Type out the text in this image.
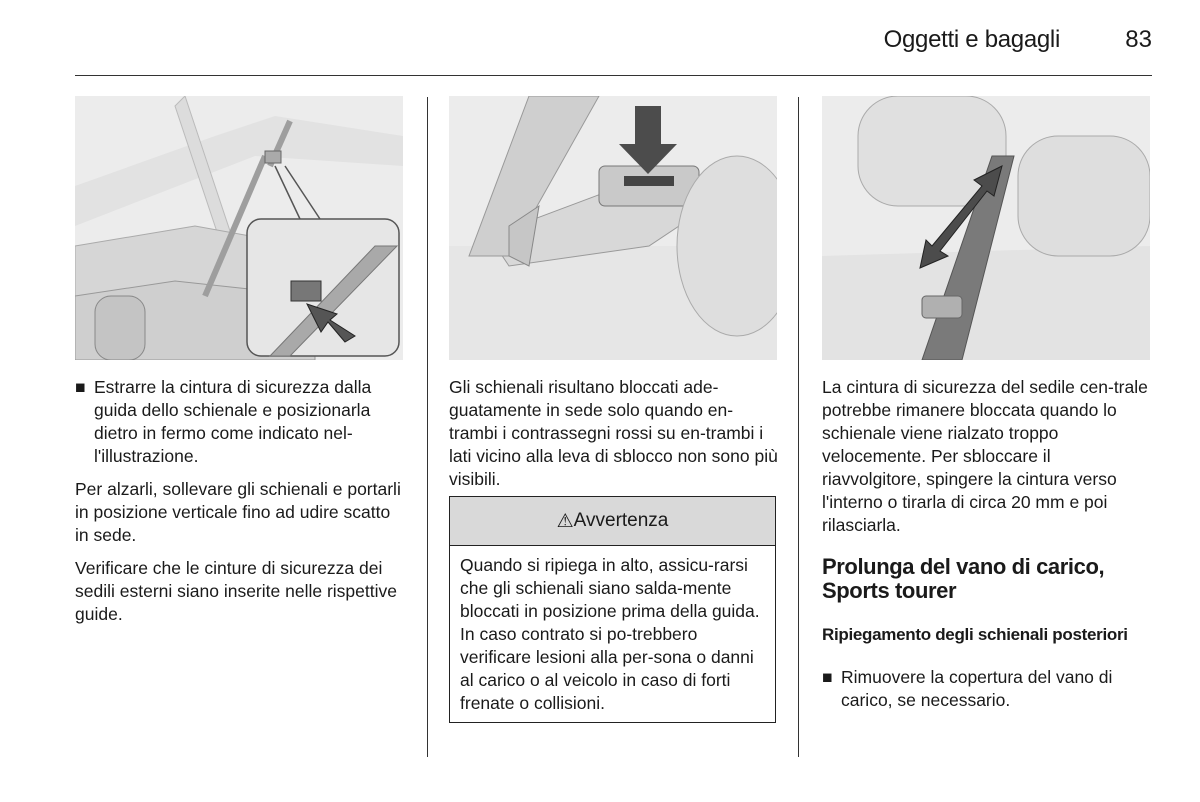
Oggetti e bagagli	83

■ Estrarre la cintura di sicurezza dalla guida dello schienale e posizionarla dietro in fermo come indicato nel-l'illustrazione.

Per alzarli, sollevare gli schienali e portarli in posizione verticale fino ad udire scatto in sede.

Verificare che le cinture di sicurezza dei sedili esterni siano inserite nelle rispettive guide.

Gli schienali risultano bloccati ade-guatamente in sede solo quando en-trambi i contrassegni rossi su en-trambi i lati vicino alla leva di sblocco non sono più visibili.

⚠ Avvertenza
Quando si ripiega in alto, assicu-rarsi che gli schienali siano salda-mente bloccati in posizione prima della guida. In caso contrato si po-trebbero verificare lesioni alla per-sona o danni al carico o al veicolo in caso di forti frenate o collisioni.

La cintura di sicurezza del sedile cen-trale potrebbe rimanere bloccata quando lo schienale viene rialzato troppo velocemente. Per sbloccare il riavvolgitore, spingere la cintura verso l'interno o tirarla di circa 20 mm e poi rilasciarla.

Prolunga del vano di carico, Sports tourer
Ripiegamento degli schienali posteriori

■ Rimuovere la copertura del vano di carico, se necessario.
